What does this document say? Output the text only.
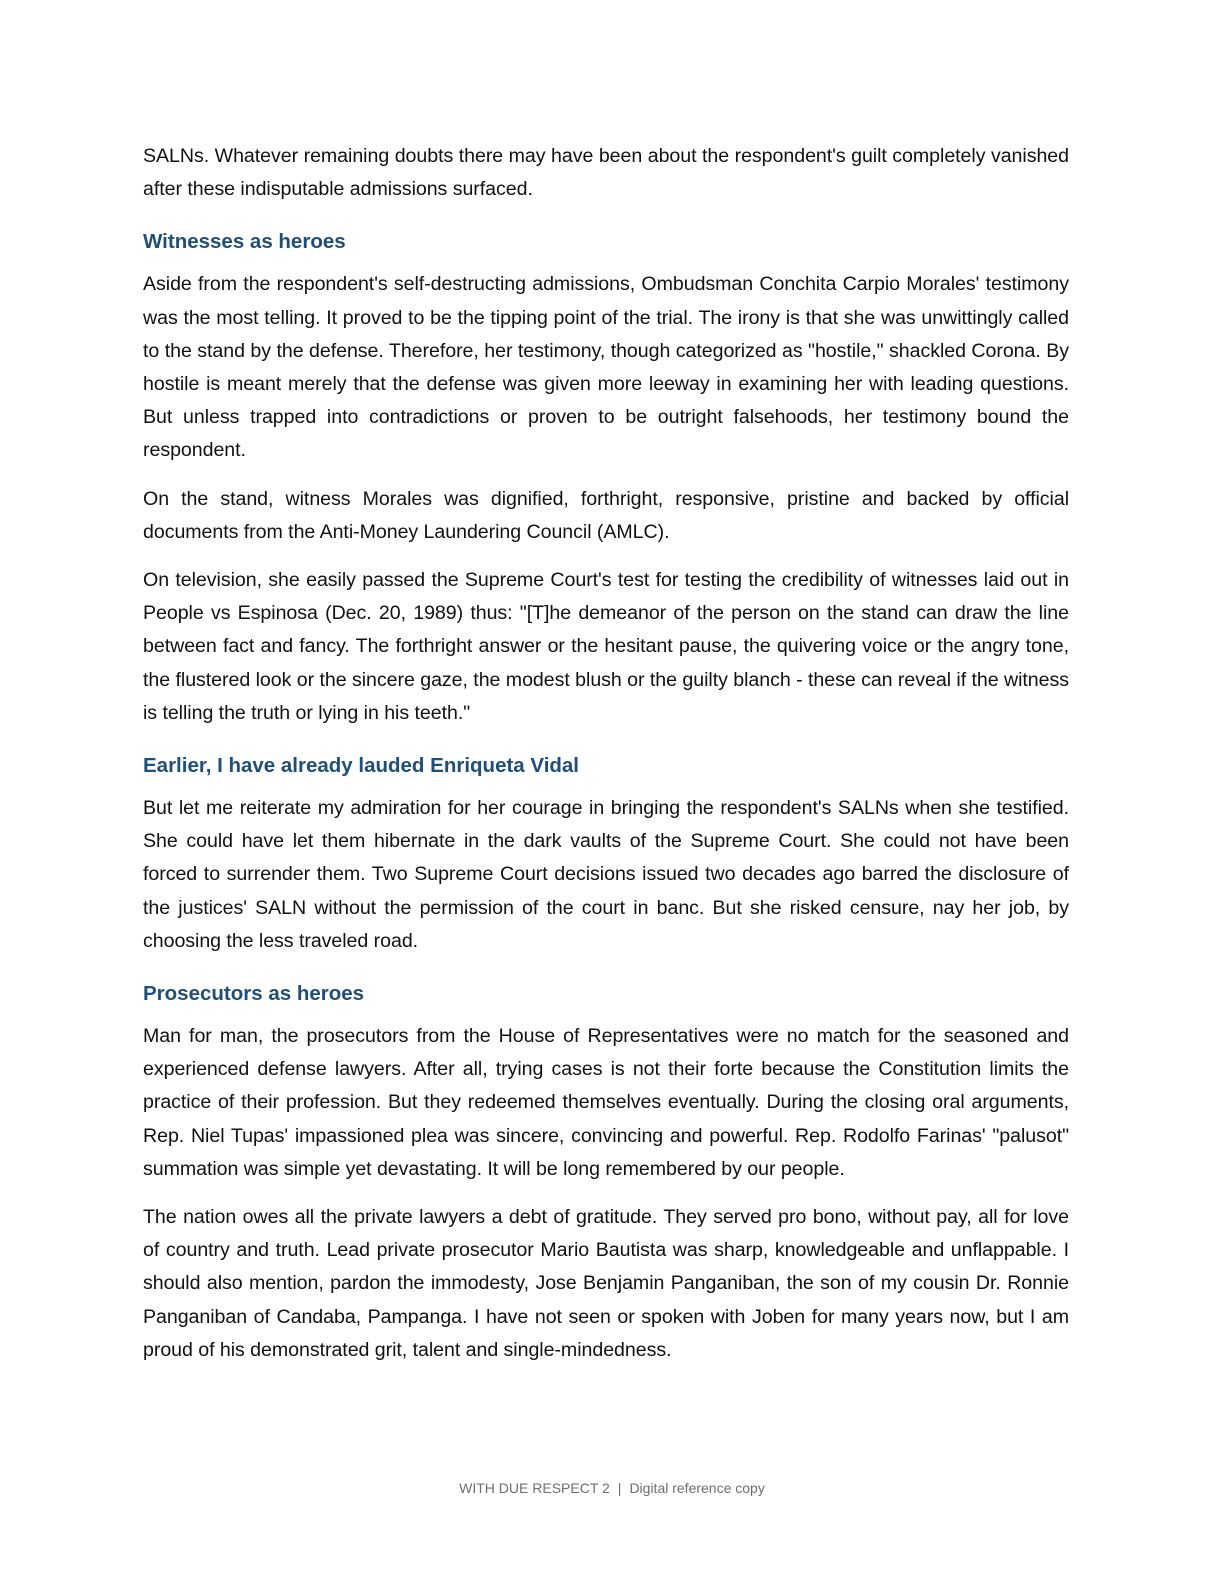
SALNs. Whatever remaining doubts there may have been about the respondent's guilt completely vanished after these indisputable admissions surfaced.

Witnesses as heroes

Aside from the respondent's self-destructing admissions, Ombudsman Conchita Carpio Morales' testimony was the most telling. It proved to be the tipping point of the trial. The irony is that she was unwittingly called to the stand by the defense. Therefore, her testimony, though categorized as "hostile," shackled Corona. By hostile is meant merely that the defense was given more leeway in examining her with leading questions. But unless trapped into contradictions or proven to be outright falsehoods, her testimony bound the respondent.

On the stand, witness Morales was dignified, forthright, responsive, pristine and backed by official documents from the Anti-Money Laundering Council (AMLC).

On television, she easily passed the Supreme Court's test for testing the credibility of witnesses laid out in People vs Espinosa (Dec. 20, 1989) thus: "[T]he demeanor of the person on the stand can draw the line between fact and fancy. The forthright answer or the hesitant pause, the quivering voice or the angry tone, the flustered look or the sincere gaze, the modest blush or the guilty blanch - these can reveal if the witness is telling the truth or lying in his teeth."

Earlier, I have already lauded Enriqueta Vidal

But let me reiterate my admiration for her courage in bringing the respondent's SALNs when she testified. She could have let them hibernate in the dark vaults of the Supreme Court. She could not have been forced to surrender them. Two Supreme Court decisions issued two decades ago barred the disclosure of the justices' SALN without the permission of the court in banc. But she risked censure, nay her job, by choosing the less traveled road.

Prosecutors as heroes

Man for man, the prosecutors from the House of Representatives were no match for the seasoned and experienced defense lawyers. After all, trying cases is not their forte because the Constitution limits the practice of their profession. But they redeemed themselves eventually. During the closing oral arguments, Rep. Niel Tupas' impassioned plea was sincere, convincing and powerful. Rep. Rodolfo Farinas' "palusot" summation was simple yet devastating. It will be long remembered by our people.

The nation owes all the private lawyers a debt of gratitude. They served pro bono, without pay, all for love of country and truth. Lead private prosecutor Mario Bautista was sharp, knowledgeable and unflappable. I should also mention, pardon the immodesty, Jose Benjamin Panganiban, the son of my cousin Dr. Ronnie Panganiban of Candaba, Pampanga. I have not seen or spoken with Joben for many years now, but I am proud of his demonstrated grit, talent and single-mindedness.

WITH DUE RESPECT 2 | Digital reference copy
